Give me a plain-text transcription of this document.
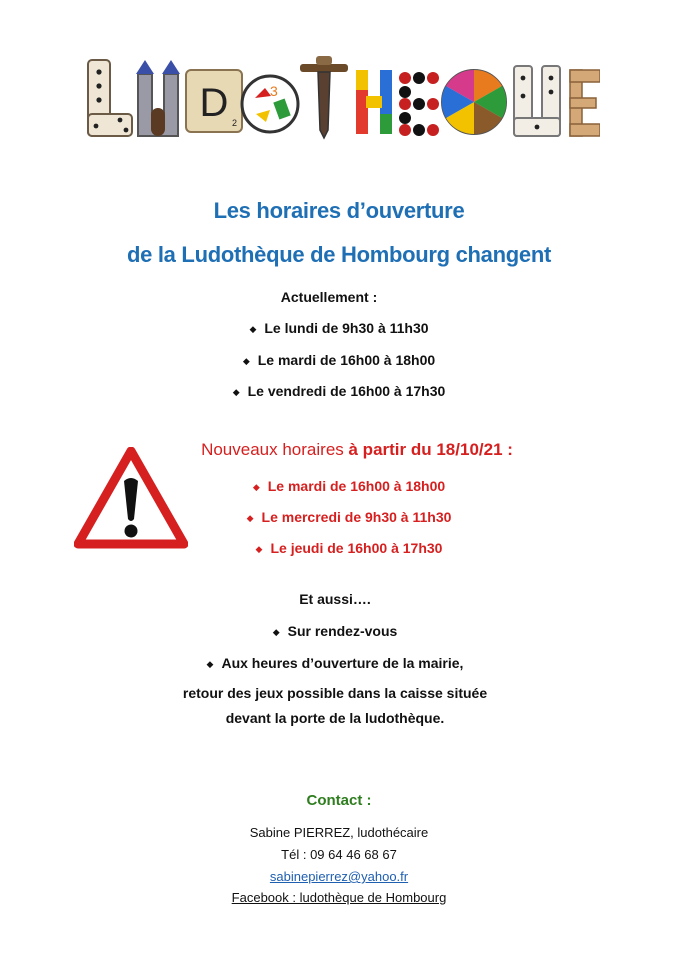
D 2
3
Les horaires d’ouverture
de la Ludothèque de Hombourg changent
Actuellement :
◆ Le lundi de 9h30 à 11h30
◆ Le mardi de 16h00 à 18h00
◆ Le vendredi de 16h00 à 17h30
Nouveaux horaires à partir du 18/10/21 :
◆ Le mardi de 16h00 à 18h00
◆ Le mercredi de 9h30 à 11h30
◆ Le jeudi de 16h00 à 17h30
Et aussi….
◆ Sur rendez-vous
◆ Aux heures d’ouverture de la mairie,
retour des jeux possible dans la caisse située
devant la porte de la ludothèque.
Contact :
Sabine PIERREZ, ludothécaire
Tél : 09 64 46 68 67
sabinepierrez@yahoo.fr
Facebook : ludothèque de Hombourg
